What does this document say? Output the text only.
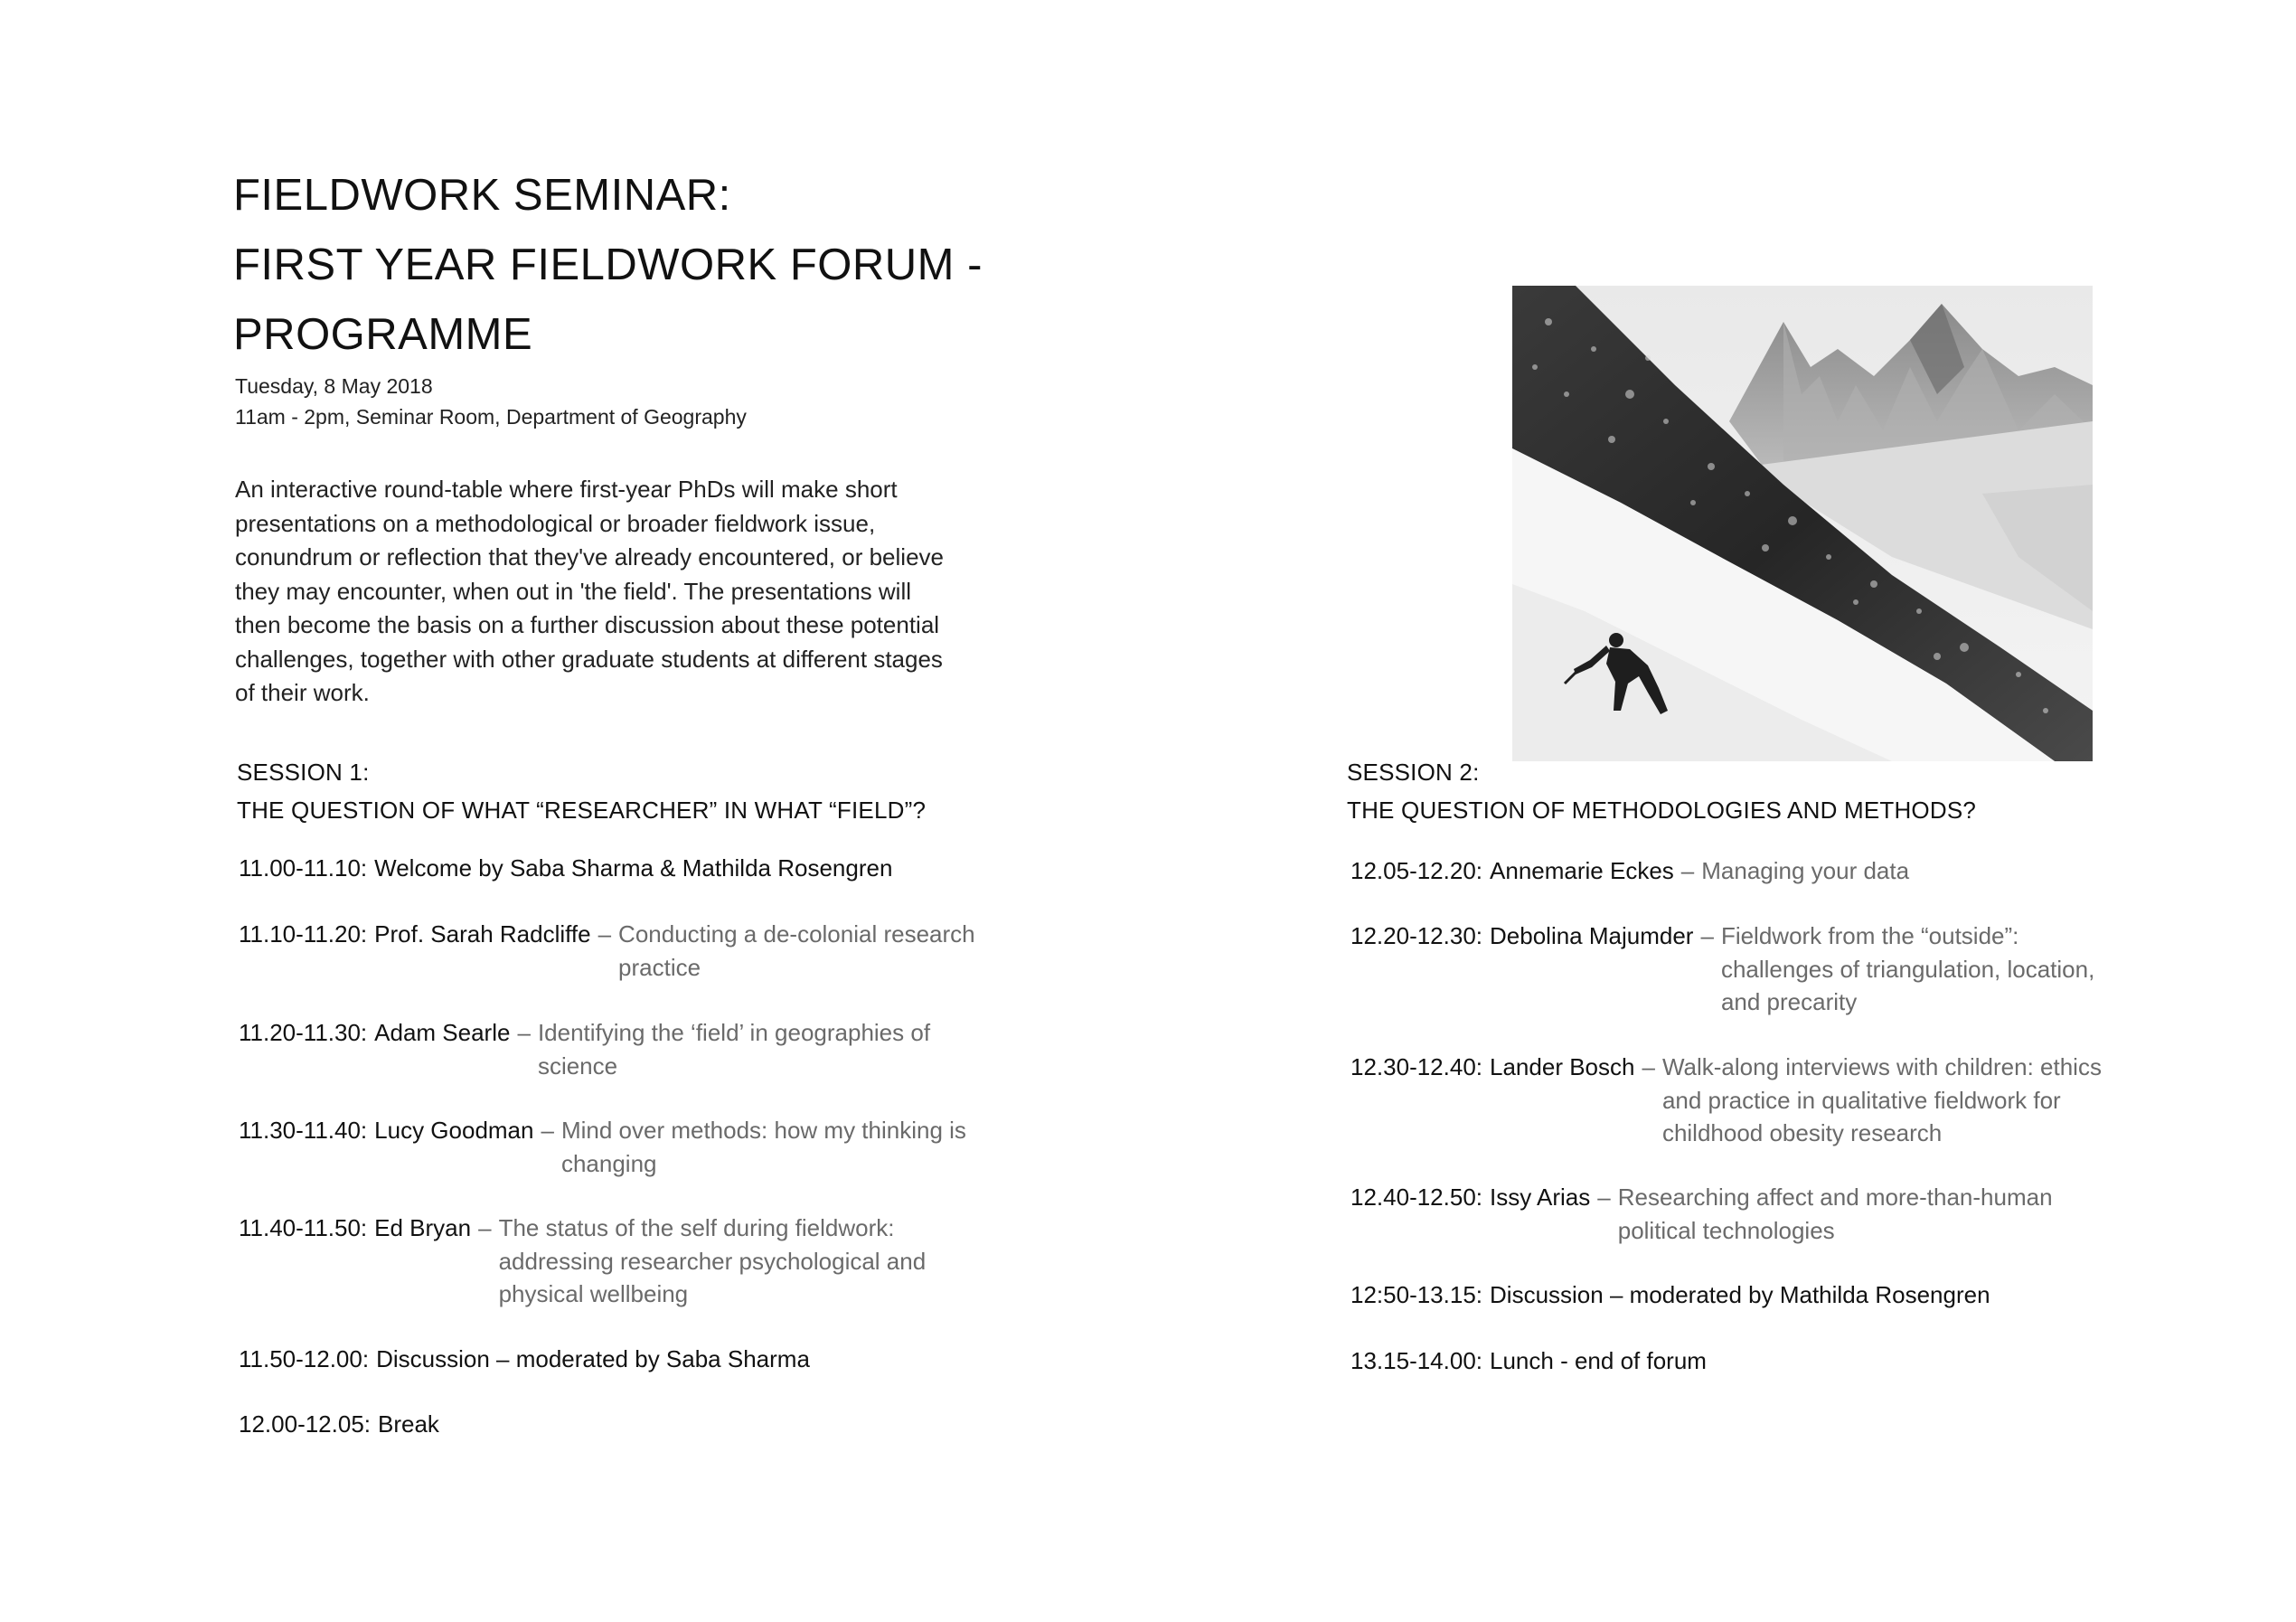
FIELDWORK SEMINAR:
FIRST YEAR FIELDWORK FORUM -
PROGRAMME
Tuesday, 8 May 2018
11am - 2pm, Seminar Room, Department of Geography
An interactive round-table where first-year PhDs will make short presentations on a methodological or broader fieldwork issue, conundrum or reflection that they've already encountered, or believe they may encounter, when out in 'the field'. The presentations will then become the basis on a further discussion about these potential challenges, together with other graduate students at different stages of their work.
SESSION 1:
THE QUESTION OF WHAT “RESEARCHER” IN WHAT “FIELD”?
11.00-11.10: Welcome by Saba Sharma & Mathilda Rosengren
11.10-11.20: Prof. Sarah Radcliffe – Conducting a de-colonial research
practice
11.20-11.30: Adam Searle – Identifying the ‘field’ in geographies of
science
11.30-11.40: Lucy Goodman – Mind over methods: how my thinking is
changing
11.40-11.50: Ed Bryan – The status of the self during fieldwork:
addressing researcher psychological and
physical wellbeing
11.50-12.00: Discussion – moderated by Saba Sharma
12.00-12.05: Break
SESSION 2:
THE QUESTION OF METHODOLOGIES AND METHODS?
12.05-12.20: Annemarie Eckes – Managing your data
12.20-12.30: Debolina Majumder – Fieldwork from the “outside”:
challenges of triangulation, location,
and precarity
12.30-12.40: Lander Bosch – Walk-along interviews with children: ethics
and practice in qualitative fieldwork for
childhood obesity research
12.40-12.50: Issy Arias – Researching affect and more-than-human
political technologies
12:50-13.15: Discussion – moderated by Mathilda Rosengren
13.15-14.00: Lunch - end of forum
